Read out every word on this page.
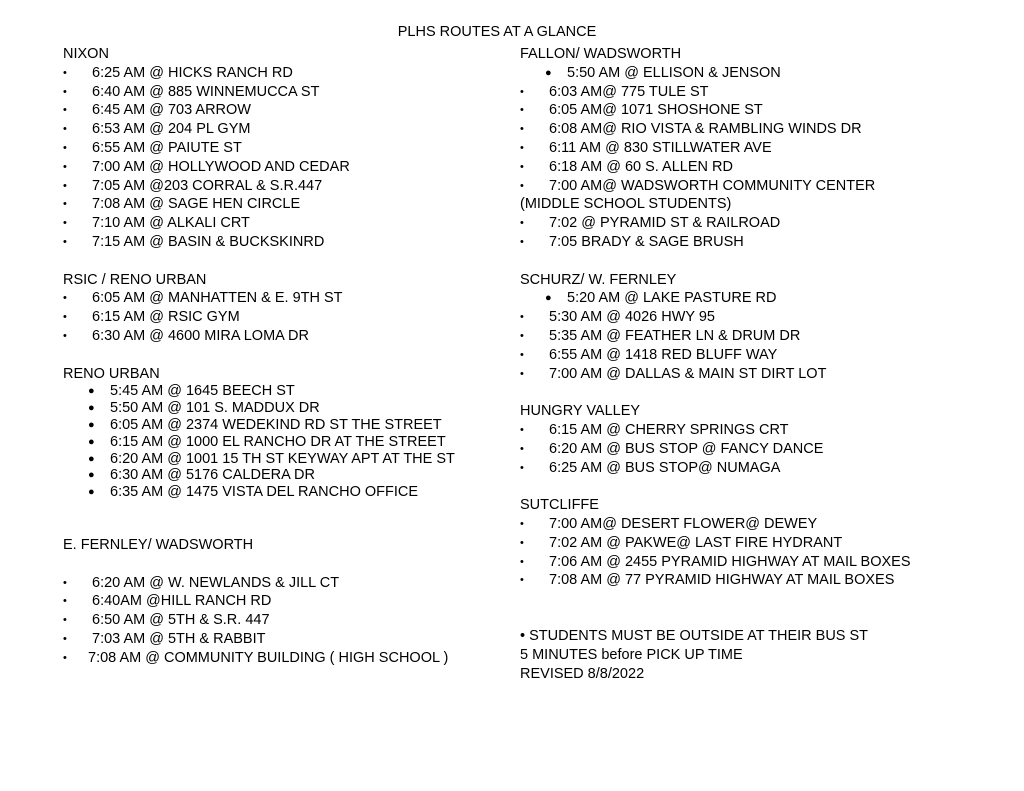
PLHS ROUTES AT A GLANCE
NIXON
• 6:25 AM @ HICKS RANCH RD
• 6:40 AM @ 885 WINNEMUCCA ST
• 6:45 AM @ 703 ARROW
• 6:53 AM @ 204 PL GYM
• 6:55 AM @ PAIUTE ST
• 7:00 AM @ HOLLYWOOD AND CEDAR
• 7:05 AM @203 CORRAL & S.R.447
• 7:08 AM @ SAGE HEN CIRCLE
• 7:10 AM @ ALKALI CRT
• 7:15 AM @ BASIN & BUCKSKINRD
RSIC / RENO URBAN
• 6:05 AM @ MANHATTEN & E. 9TH ST
• 6:15 AM @ RSIC GYM
• 6:30 AM @ 4600 MIRA LOMA DR
RENO URBAN
● 5:45 AM @ 1645 BEECH ST
● 5:50 AM @ 101 S. MADDUX DR
● 6:05 AM @ 2374 WEDEKIND RD ST THE STREET
● 6:15 AM @ 1000 EL RANCHO DR AT THE STREET
● 6:20 AM @ 1001 15 TH ST KEYWAY APT AT THE ST
● 6:30 AM @ 5176 CALDERA DR
● 6:35 AM @ 1475 VISTA DEL RANCHO OFFICE
E. FERNLEY/ WADSWORTH
• 6:20 AM @ W. NEWLANDS & JILL CT
• 6:40AM @HILL RANCH RD
• 6:50 AM @ 5TH & S.R. 447
• 7:03 AM @ 5TH & RABBIT
• 7:08 AM @ COMMUNITY BUILDING ( HIGH SCHOOL )
FALLON/ WADSWORTH
● 5:50 AM @ ELLISON & JENSON
• 6:03 AM@ 775 TULE ST
• 6:05 AM@ 1071 SHOSHONE ST
• 6:08 AM@ RIO VISTA & RAMBLING WINDS DR
• 6:11 AM @ 830 STILLWATER AVE
• 6:18 AM @ 60 S. ALLEN RD
• 7:00 AM@ WADSWORTH COMMUNITY CENTER
(MIDDLE SCHOOL STUDENTS)
• 7:02 @ PYRAMID ST & RAILROAD
• 7:05 BRADY & SAGE BRUSH
SCHURZ/ W. FERNLEY
● 5:20 AM @ LAKE PASTURE RD
• 5:30 AM @ 4026 HWY 95
• 5:35 AM @ FEATHER LN & DRUM DR
• 6:55 AM @ 1418 RED BLUFF WAY
• 7:00 AM @ DALLAS & MAIN ST DIRT LOT
HUNGRY VALLEY
• 6:15 AM @ CHERRY SPRINGS CRT
• 6:20 AM @ BUS STOP @ FANCY DANCE
• 6:25 AM @ BUS STOP@ NUMAGA
SUTCLIFFE
• 7:00 AM@ DESERT FLOWER@ DEWEY
• 7:02 AM @ PAKWE@ LAST FIRE HYDRANT
• 7:06 AM @ 2455 PYRAMID HIGHWAY AT MAIL BOXES
• 7:08 AM @ 77 PYRAMID HIGHWAY AT MAIL BOXES
• STUDENTS MUST BE OUTSIDE AT THEIR BUS ST
5 MINUTES before PICK UP TIME
REVISED 8/8/2022
